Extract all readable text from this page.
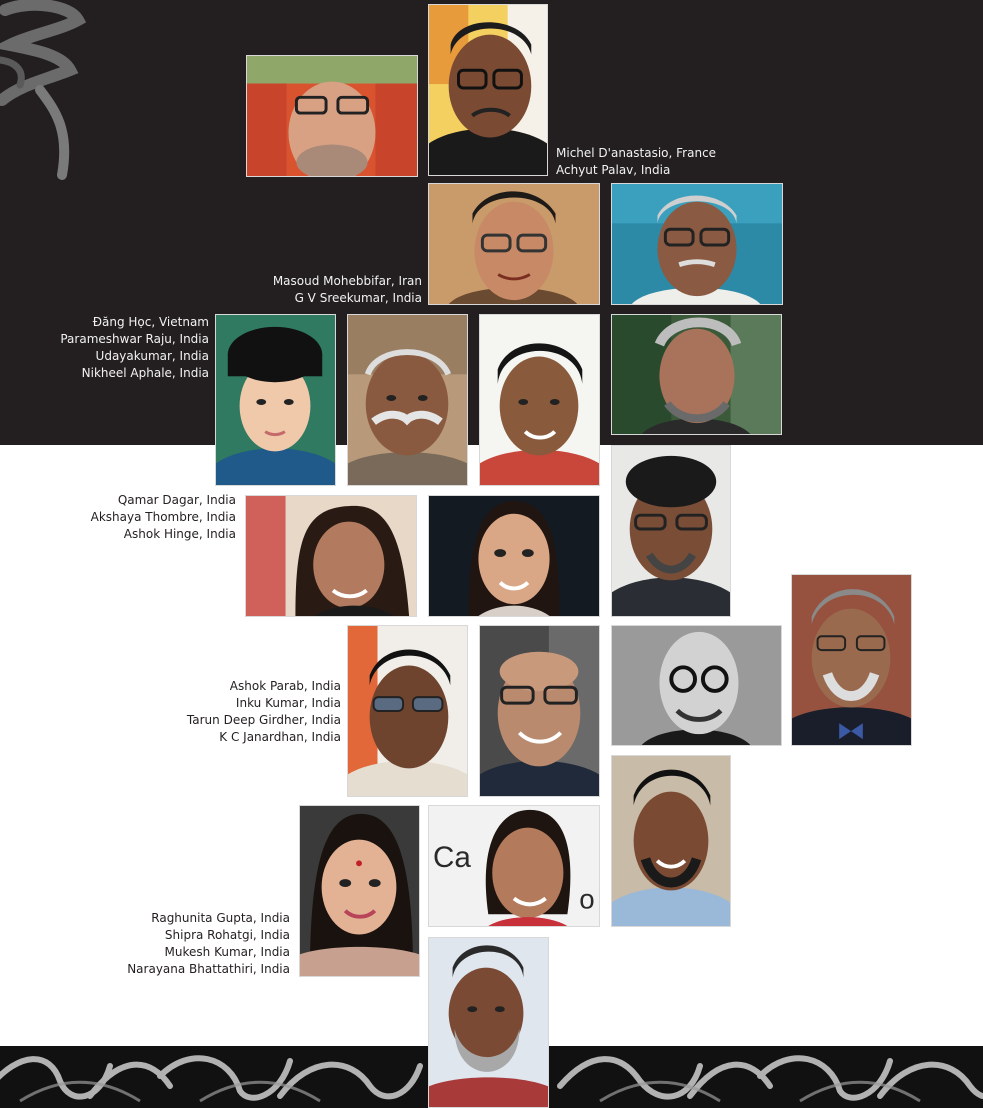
Ca
o
Michel D'anastasio, France
Achyut Palav, India
Masoud Mohebbifar, Iran
G V Sreekumar, India
Đăng Học, Vietnam
Parameshwar Raju, India
Udayakumar, India
Nikheel Aphale, India
Qamar Dagar, India
Akshaya Thombre, India
Ashok Hinge, India
Ashok Parab, India
Inku Kumar, India
Tarun Deep Girdher, India
K C Janardhan, India
Raghunita Gupta, India
Shipra Rohatgi, India
Mukesh Kumar, India
Narayana Bhattathiri, India
